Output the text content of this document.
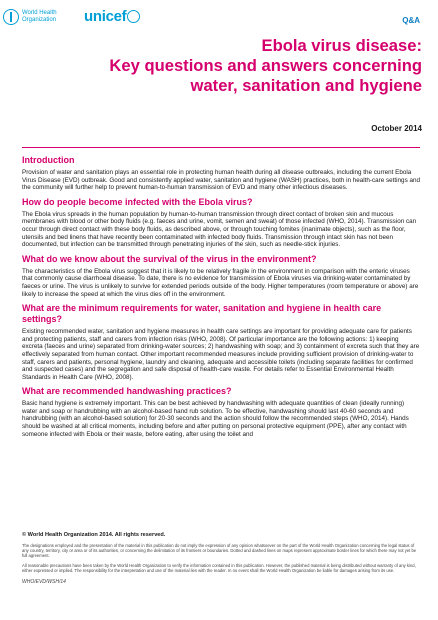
World Health Organization	unicef	Q&A
Ebola virus disease:
Key questions and answers concerning
water, sanitation and hygiene
October 2014
Introduction

Provision of water and sanitation plays an essential role in protecting human health during all disease outbreaks, including the current Ebola Virus Disease (EVD) outbreak. Good and consistently applied water, sanitation and hygiene (WASH) practices, both in health-care settings and the community will further help to prevent human-to-human transmission of EVD and many other infectious diseases.

How do people become infected with the Ebola virus?

The Ebola virus spreads in the human population by human-to-human transmission through direct contact of broken skin and mucous membranes with blood or other body fluids (e.g. faeces and urine, vomit, semen and sweat) of those infected (WHO, 2014). Transmission can occur through direct contact with these body fluids, as described above, or through touching fomites (inanimate objects), such as the floor, utensils and bed linens that have recently been contaminated with infected body fluids. Transmission through intact skin has not been documented, but infection can be transmitted through penetrating injuries of the skin, such as needle-stick injuries.

What do we know about the survival of the virus in the environment?

The characteristics of the Ebola virus suggest that it is likely to be relatively fragile in the environment in comparison with the enteric viruses that commonly cause diarrhoeal disease. To date, there is no evidence for transmission of Ebola viruses via drinking-water contaminated by faeces or urine. The virus is unlikely to survive for extended periods outside of the body. Higher temperatures (room temperature or above) are likely to increase the speed at which the virus dies off in the environment.

What are the minimum requirements for water, sanitation and hygiene in health care settings?

Existing recommended water, sanitation and hygiene measures in health care settings are important for providing adequate care for patients and protecting patients, staff and carers from infection risks (WHO, 2008). Of particular importance are the following actions: 1) keeping excreta (faeces and urine) separated from drinking-water sources; 2) handwashing with soap; and 3) containment of excreta such that they are effectively separated from human contact. Other important recommended measures include providing sufficient provision of drinking-water to staff, carers and patients, personal hygiene, laundry and cleaning, adequate and accessible toilets (including separate facilities for confirmed and suspected cases) and the segregation and safe disposal of health-care waste. For details refer to Essential Environmental Health Standards in Health Care (WHO, 2008).

What are recommended handwashing practices?

Basic hand hygiene is extremely important. This can be best achieved by handwashing with adequate quantities of clean (ideally running) water and soap or handrubbing with an alcohol-based hand rub solution. To be effective, handwashing should last 40-60 seconds and handrubbing (with an alcohol-based solution) for 20-30 seconds and the action should follow the recommended steps (WHO, 2014). Hands should be washed at all critical moments, including before and after putting on personal protective equipment (PPE), after any contact with someone infected with Ebola or their waste, before eating, after using the toilet and

© World Health Organization 2014. All rights reserved.
The designations employed and the presentation of the material in this publication do not imply the expression of any opinion whatsoever on the part of the World Health Organization concerning the legal status of any country, territory, city or area or of its authorities, or concerning the delimitation of its frontiers or boundaries. Dotted and dashed lines on maps represent approximate border lines for which there may not yet be full agreement.
All reasonable precautions have been taken by the World Health Organization to verify the information contained in this publication. However, the published material is being distributed without warranty of any kind, either expressed or implied. The responsibility for the interpretation and use of the material lies with the reader. In no event shall the World Health Organization be liable for damages arising from its use.
WHO/EVD/WSH/14
